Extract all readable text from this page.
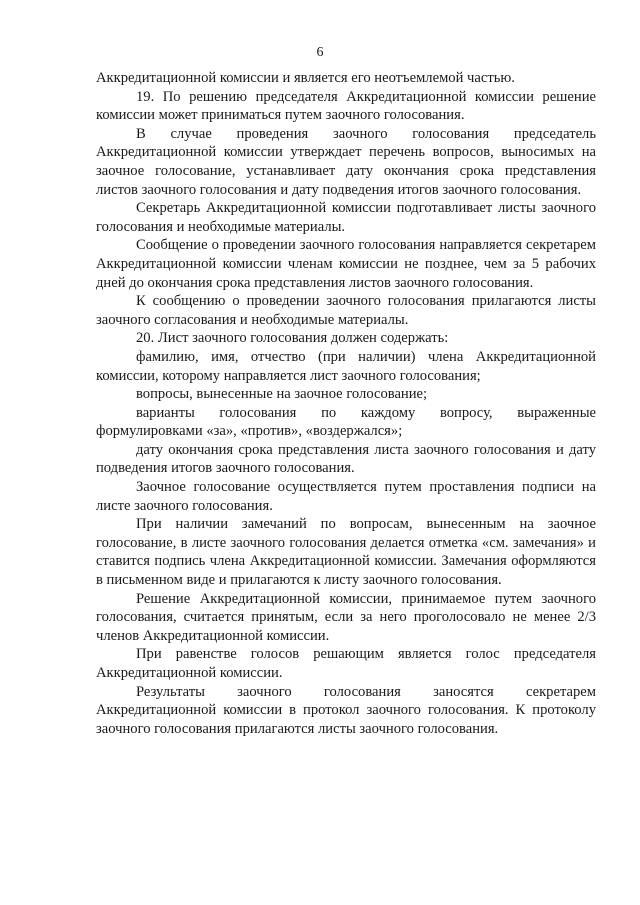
6

Аккредитационной комиссии и является его неотъемлемой частью.

19. По решению председателя Аккредитационной комиссии решение комиссии может приниматься путем заочного голосования.

В случае проведения заочного голосования председатель Аккредитационной комиссии утверждает перечень вопросов, выносимых на заочное голосование, устанавливает дату окончания срока представления листов заочного голосования и дату подведения итогов заочного голосования.

Секретарь Аккредитационной комиссии подготавливает листы заочного голосования и необходимые материалы.

Сообщение о проведении заочного голосования направляется секретарем Аккредитационной комиссии членам комиссии не позднее, чем за 5 рабочих дней до окончания срока представления листов заочного голосования.

К сообщению о проведении заочного голосования прилагаются листы заочного согласования и необходимые материалы.

20. Лист заочного голосования должен содержать:

фамилию, имя, отчество (при наличии) члена Аккредитационной комиссии, которому направляется лист заочного голосования;

вопросы, вынесенные на заочное голосование;

варианты голосования по каждому вопросу, выраженные формулировками «за», «против», «воздержался»;

дату окончания срока представления листа заочного голосования и дату подведения итогов заочного голосования.

Заочное голосование осуществляется путем проставления подписи на листе заочного голосования.

При наличии замечаний по вопросам, вынесенным на заочное голосование, в листе заочного голосования делается отметка «см. замечания» и ставится подпись члена Аккредитационной комиссии. Замечания оформляются в письменном виде и прилагаются к листу заочного голосования.

Решение Аккредитационной комиссии, принимаемое путем заочного голосования, считается принятым, если за него проголосовало не менее 2/3 членов Аккредитационной комиссии.

При равенстве голосов решающим является голос председателя Аккредитационной комиссии.

Результаты заочного голосования заносятся секретарем Аккредитационной комиссии в протокол заочного голосования. К протоколу заочного голосования прилагаются листы заочного голосования.
